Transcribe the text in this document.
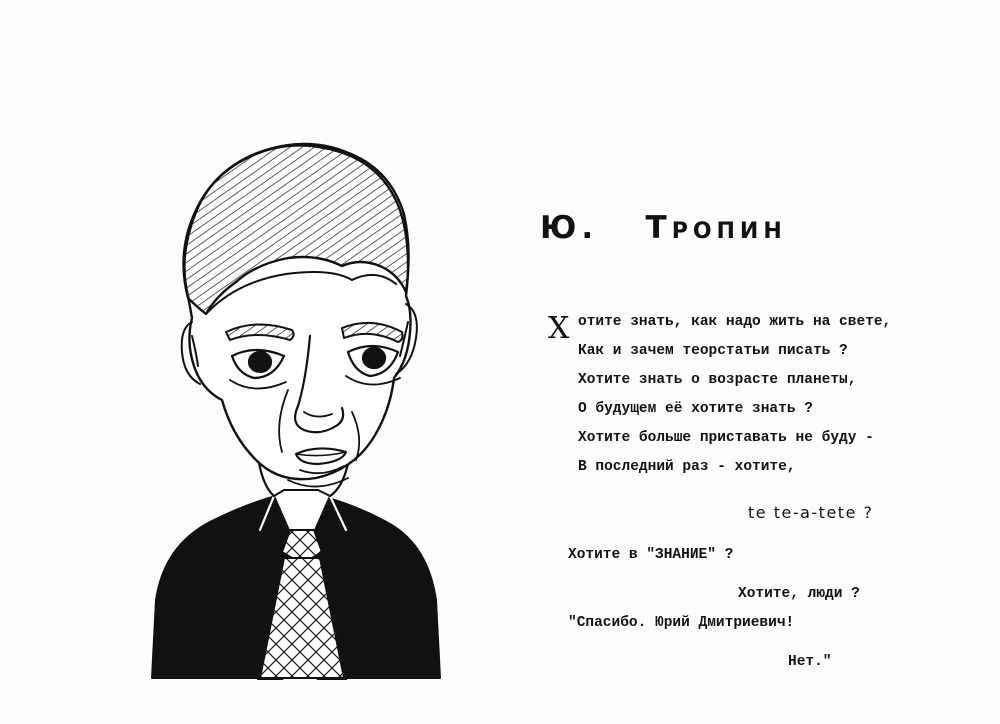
Ю.   Тропин
Х отите знать, как надо жить на свете,
Как и зачем теорстатьи писать ?
Хотите знать о возрасте планеты,
О будущем её хотите знать ?
Хотите больше приставать не буду -
В последний раз - хотите,
te te-a-tete ?
Хотите в "ЗНАНИЕ" ?
Хотите, люди ?
"Спасибо. Юрий Дмитриевич!
Нет."
